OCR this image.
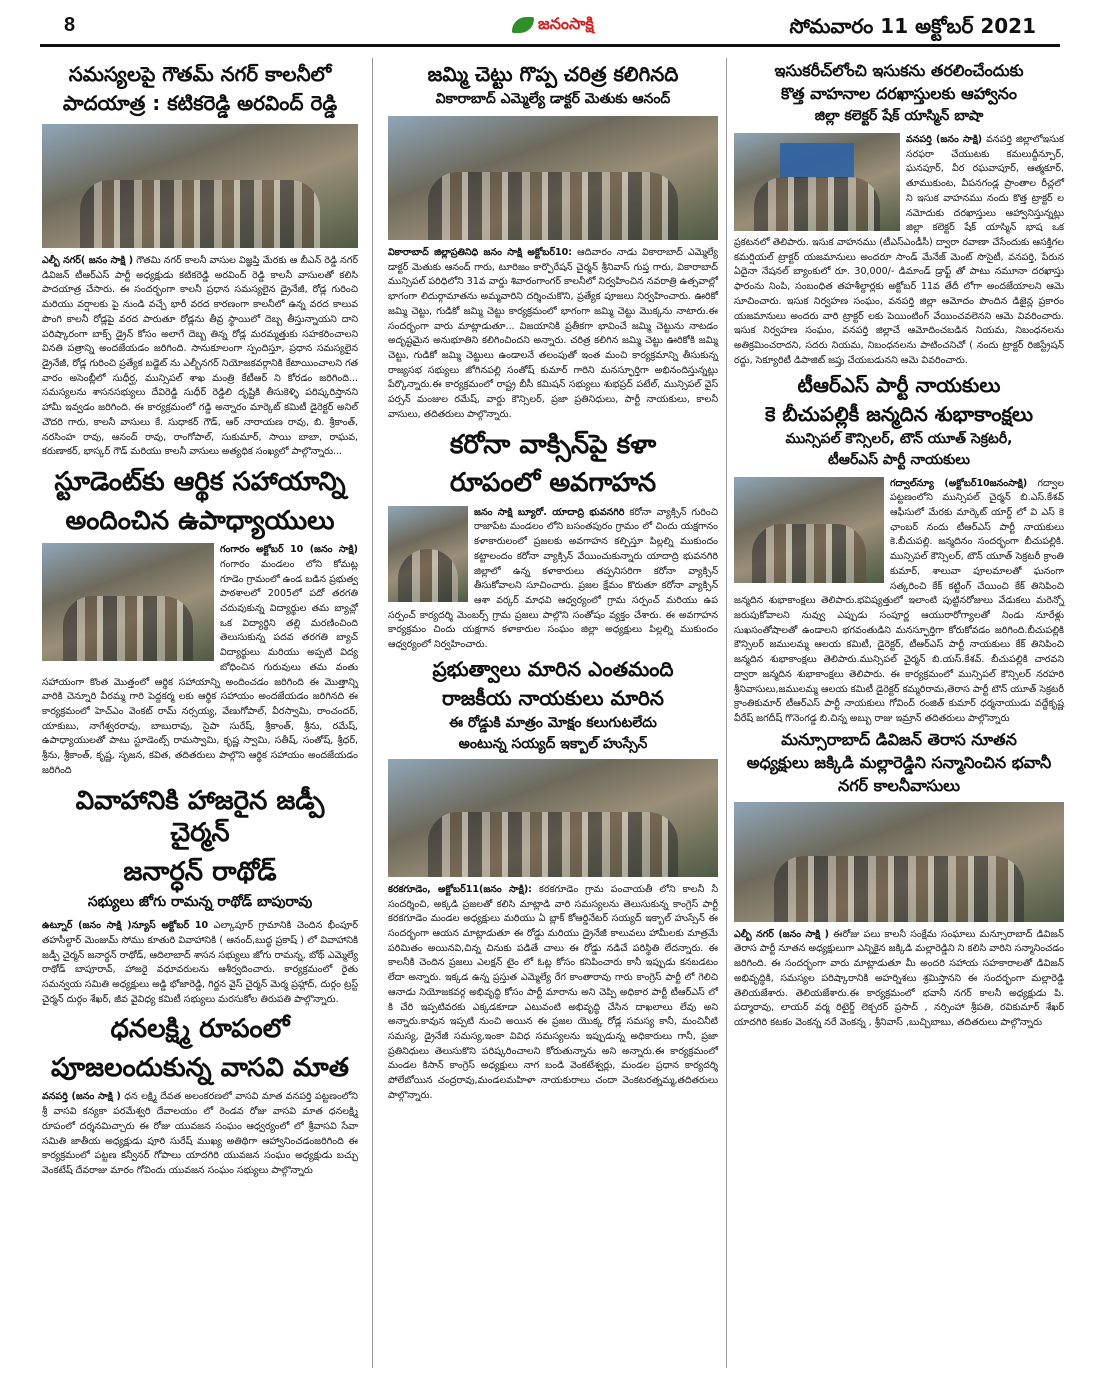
8	జనంసాక్షి	సోమవారం 11 అక్టోబర్ 2021
సమస్యలపై గౌతమ్ నగర్ కాలనీలో
పాదయాత్ర : కటికరెడ్డి అరవింద్ రెడ్డి

ఎల్బీ నగర్( జనం సాక్షి ) గౌతమి నగర్ కాలనీ వాసుల విజ్ఞప్తి మేరకు ఆ బీఎన్ రెడ్డి నగర్ డివిజన్ టీఆర్ఎస్ పార్టీ అధ్యక్షుడు కటికరెడ్డి అరవింద్ రెడ్డి కాలనీ వాసులతో కలిసి పాదయాత్ర చేసారు. ఈ సందర్భంగా కాలనీ ప్రధాన సమస్యలైన డ్రైనేజీ, రోడ్ల గురించి మరియు వర్షాలకు పై నుండి వచ్చే భారీ వరద కారణంగా కాలనీలో ఉన్న వరద కాలువ పొంగి కాలనీ రోడ్లపై వరద పారుతూ రోడ్లను తీవ్ర స్థాయిలో దెబ్బ తీస్తున్నాయని దాని పరిష్కారంగా బాక్స్ డ్రైన్ కోసం అలాగే దెబ్బ తిన్న రోడ్ల మరమ్మత్తుకు సహకరించాలని వినతి పత్రాన్ని అందజేయడం జరిగింది. సానుకూలంగా స్పందిస్తూ, ప్రధాన సమస్యలైన డ్రైనేజీ, రోడ్ల గురించి ప్రత్యేక బడ్జెట్ ను ఎల్బీనగర్ నియోజకవర్గానికి కేటాయించాలని గత వారం అసెంబ్లీలో సుధీర్ఘ, మున్సిపల్ శాఖ మంత్రి కేటీఆర్ ని కోరడం జరిగింది... సమస్యలను శాసనసభ్యులు దేవిరెడ్డి సుధీర్ రెడ్డిలి దృష్టికి తీసుకెళ్ళి పరిష్కరిస్తానని హామీ ఇవ్వడం జరిగింది. ఈ కార్యక్రమంలో గడ్డి అన్నారం మార్కెట్ కమిటీ డైరెక్టర్ అనిల్ చౌదరి గారు, కాలనీ వాసులు కే. సుధాకర్ గౌడ్, ఆర్ నారాయణ రావు, బి. శ్రీకాంత్, నరసింహ రావు, ఆనంద్ రావు, రాంగోపాల్, సుకుమార్, సాయి బాబా, రాఘవ, కరుణాకర్, భాస్కర్ గౌడ్ మరియు కాలనీ వాసులు అత్యధిక సంఖ్యలో పాల్గొన్నారు...

స్టూడెంట్‌కు ఆర్థిక సహాయాన్ని
అందించిన ఉపాధ్యాయులు

గంగారం అక్టోబర్ 10 (జనం సాక్షి) గంగారం మండలం లోని కోమట్ల గూడెం గ్రామంలో ఉండ బడిన ప్రభుత్వ పాఠశాలలో 2005లో పదో తరగతి చదువుకున్న విద్యార్థుల తమ బ్యాచ్లో ఒక విద్యార్థిని తల్లి మరణించింది తెలుసుకున్న పదవ తరగతి బ్యాచ్ విద్యార్థులు మరియు అప్పటి విద్య బోధించిన గురువులు తమ వంతు సహాయంగా కొంత మొత్తంలో ఆర్థిక సహాయాన్ని అందించడం జరిగింది ఈ మొత్తాన్ని వారికి చెన్నూరి వీరమ్మ గారి పెద్దకర్మ లకు ఆర్థిక సహాయం అందజేయడం జరిగినది ఈ కార్యక్రమంలో హెచ్ఎం వెంకట్ రామ్ నర్సయ్య, వేణుగోపాల్, వీరస్వామి, రాంచందర్, యాకుబు, నాగేశ్వరరావు, బాబురావు, సైపా సురేష్, శ్రీకాంత్, శ్రీను, రమేష్, ఉపాధ్యాయులతో పాటు స్టూడెంట్స్ రామస్వామి, కృష్ణ స్వామి, సతీష్, సంతోష్, శ్రీధర్, శ్రీను, శ్రీకాంత్, కృష్ణ, సృజన, కవిత, తదితరులు పాల్గొని ఆర్థిక సహాయం అందజేయడం జరిగింది

వివాహానికి హాజరైన జడ్పీ చైర్మన్
జనార్ధన్ రాథోడ్
సభ్యులు జోగు రామన్న రాథోడ్ బాపురావు

ఉట్నూర్ (జనం సాక్షి )న్యూస్ అక్టోబర్ 10 ఎల్కాపూర్ గ్రామానికి చెందిన భీంపూర్ తహసీల్దార్ మెంజుమ్ సోము కూతురి వివాహానికి ( ఆనంద్,బుద్ధ ప్రకాష్ ) లో వివాహానికి జడ్పీ చైర్మన్ జనార్ధన్ రాథోడ్, ఆదిలాబాద్ శాసన సభ్యులు జోగు రామన్న, బోథ్ ఎమ్మెల్యే రాథోడ్ బాపూరావ్, హాజరై వధూవరులను ఆశీర్వదించారు. కార్యక్రమంలో రైతు సమన్వయ సమితి అధ్యక్షులు అడ్డి భోజారెడ్డి, గిర్జన వైస్ చైర్మన్ మెర్మ ప్రహ్లాద్, దుర్గం ట్రస్ట్ చైర్మన్ దుర్గం శేఖర్, జీవ వైవిధ్య కమిటీ సభ్యులు మరసుకోల తిరుపతి పాల్గొన్నారు.

ధనలక్ష్మి రూపంలో
పూజలందుకున్న వాసవి మాత

వనపర్తి (జనం సాక్షి ) ధన లక్ష్మి దేవత అలంకరణలో వాసవి మాత వనపర్తి పట్టణంలోని శ్రీ వాసవి కన్యకా పరమేశ్వరి దేవాలయం లో రెండవ రోజు వాసవి మాత ధనలక్ష్మి రూపంలో దర్శనమిచ్చారు ఈ రోజు యువజన సంఘం ఆధ్వర్యంలో లో శ్రీవాసవి సేవా సమితి జాతీయ అధ్యక్షుడు పూరి సురేష్ ముఖ్య అతిథిగా ఆహ్వానించడంజరిగింది ఈ కార్యక్రమంలో పట్టణ కన్వీనర్ గోపాలు యాదగిరి యువజన సంఘం అధ్యక్షుడు బచ్చు వెంకటేష్ దేవరాజు మారం గోవిందు యువజన సంఘం సభ్యులు పాల్గొన్నారు

జమ్మి చెట్టు గొప్ప చరిత్ర కలిగినది
వికారాబాద్ ఎమ్మెల్యే డాక్టర్ మెతుకు ఆనంద్

వికారాబాద్ జిల్లాప్రతినిధి జనం సాక్షి అక్టోబర్10: ఆదివారం నాడు వికారాబాద్ ఎమ్మెల్యే డాక్టర్ మెతుకు ఆనంద్ గారు, టూరిజం కార్పొరేషన్ చైర్మన్ శ్రీనివాస్ గుప్త గారు, వికారాబాద్ మున్సిపల్ పరిధిలోని 31వ వార్డు శివారంగాంగర్ కాలనీలో నిర్వహించిన నవరాత్రి ఉత్సవాల్లో భాగంగా లిదుర్గామాతను అమ్మవారిని దర్శించుకొని, ప్రత్యేక పూజలు నిర్వహించారు. ఊరికో జమ్మి చెట్టు, గుడికో జమ్మి చెట్టు కార్యక్రమంలో భాగంగా జమ్మి చెట్టు మొక్కను నాటారు.ఈ సందర్భంగా వారు మాట్లాడుతూ... విజయానికి ప్రతీకగా భావించే జమ్మి చెట్టును నాటడం అదృష్టమైన అనుభూతిని కలిగించిందని అన్నారు. చరిత్ర కలిగిన జమ్మి చెట్టు ఊరికోకి జమ్మి చెట్టు, గుడికో జమ్మి చెట్టులు ఉండాలనే తలంపుతో ఇంత మంచి కార్యక్రమాన్ని తీసుకున్న రాజ్యసభ సభ్యులు జోగినపల్లి సంతోష్ కుమార్ గారిని మనస్ఫూర్తిగా అభినందిస్తున్నట్లు పేర్కొన్నారు.ఈ కార్యక్రమంలో రాష్ట్ర బీసీ కమిషన్ సభ్యులు శుభప్రద్ పటేల్, మున్సిపల్ వైస్ పర్సన్ మంజుల రమేష్, వార్డు కౌన్సిలర్, ప్రజా ప్రతినిధులు, పార్టీ నాయకులు, కాలనీ వాసులు, తదితరులు పాల్గొన్నారు.

కరోనా వాక్సిన్‌పై కళా
రూపంలో అవగాహన

జనం సాక్షి బ్యూరో. యాదాద్రి భువనగిరి కరోనా వ్యాక్సిన్ గురించి రాజాపేట మండలం లోని బసంతపురం గ్రామం లో చిందు యక్షగానం కళాకారులంలో ప్రజలకు అవగాహన కల్పిస్తూ పిల్లల్ని ముకుందం కట్టాలందం కరోనా వ్యాక్సిన్ వేయించుకున్నారు యాదాద్రి భువనగిరి జిల్లాలో ఉన్న కళాకారులు తప్పనిసరిగా కరోనా వ్యాక్సిన్ తీసుకోవాలని సూచించారు. ప్రజల క్షేమం కొరుతూ కరోనా వ్యాక్సిన్ ఆశా వర్కర్ మాధవి ఆధ్వర్యంలో గ్రామ సర్పంచ్ మరియు ఉప సర్పంచ్ కార్యదర్శి మెంబర్స్ గ్రామ ప్రజలు పాల్గొని సంతోషం వ్యక్తం చేశారు. ఈ అవగాహన కార్యక్రమం చిందు యక్షగాన కళాకారుల సంఘం జిల్లా అధ్యక్షులు పిల్లల్ని ముకుందం ఆధ్వర్యంలో నిర్వహించారు.

ప్రభుత్వాలు మారిన ఎంతమంది
రాజకీయ నాయకులు మారిన
ఈ రోడ్డుకి మాత్రం మోక్షం కలుగుటలేదు
అంటున్న సయ్యద్ ఇక్బాల్ హుస్సేన్

కరకగూడెం, అక్టోబర్11(జనం సాక్షి): కరకగూడెం గ్రామ పంచాయతీ లోని కాలనీ నీ సందర్శించి, అక్కడి ప్రజలతో కలిసి మాట్లాడి వారి సమస్యలను తెలుసుకున్న కాంగ్రెస్ పార్టీ కరకగూడెం మండల అధ్యక్షులు మరియు ఏ బ్లాక్ కోఆర్డినేటర్ సయ్యద్ ఇక్బాల్ హుస్సేన్ ఈ సందర్భంగా ఆయన మాట్లాడుతూ ఈ రోడ్డు మరియు డ్రైనేజీ కాలువలు హామీలకు మాత్రమే పరిమితం అయినవి,చిన్న చినుకు పడితే చాలు ఈ రోడ్డు నడిచే పరిస్థితి లేదన్నారు. ఈ కాలనీకి చెందిన ప్రజలు ఎలక్షన్ టైం లో ఓట్ల కోసం కనిపించారు కానీ ఇప్పుడు కనబడటం లేదా అన్నారు. ఇక్కడ ఉన్న ప్రస్తుత ఎమ్మెల్యే రేగ కాంతారావు గారు కాంగ్రెస్ పార్టీ లో గెలిచి ఆనాడు నియోజకవర్గ అభివృద్ధి కోసం పార్టీ మారాను అని చెప్పి అధికార పార్టీ టీఆర్ఎస్ లో కి చేరి ఇప్పటివరకు ఎక్కడకూడా ఎటువంటి అభివృద్ధి చేసిన దాఖలాలు లేవు అని అన్నారు.కావున ఇప్పటి నుంచి అయిన ఈ ప్రజల యొక్క రోడ్ల సమస్య కానీ, మంచినీటి సమస్య, డ్రైనేజీ సమస్య,ఇంకా వివిధ సమస్యలను ఇప్పుడున్న అధికారులు గానీ, ప్రజా ప్రతినిధులు తెలుసుకొని పరిష్కరించాలని కోరుతున్నాను అని అన్నారు.ఈ కార్యక్రమంలో మండల కిసాన్ కాంగ్రెస్ అధ్యక్షులు నాగ బండి వెంకటేశ్వర్లు, మండల ప్రధాన కార్యదర్శి పోలేబోయిన చంద్రరావు,మండలమహిళా నాయకురాలు చందా వెంకటరత్నమ్మ,తదితరులు పాల్గొన్నారు.

ఇసుకరీచ్‌లోంచి ఇసుకను తరలించేందుకు
కొత్త వాహనాల దరఖాస్తులకు ఆహ్వానం
జిల్లా కలెక్టర్ షేక్ యాస్మిన్ బాషా

వనపర్తి (జనం సాక్షి) వనపర్తి జిల్లాలోఇసుక సరఫరా చేయుటకు కమలుద్దీన్పూర్, ఘనపూర్, వీర రఘవాపూర్, ఆత్మకూర్, తూముకుంట, వీపనగండ్ల ప్రాంతాల రీచ్లలో ని ఇసుక వాహనము నందు కొత్త ట్రాక్టర్ ల నమోదుకు దరఖాస్తులు ఆహ్వానిస్తున్నట్లు జిల్లా కలెక్టర్ షేక్ యాస్మిన్ భాష ఒక ప్రకటనలో తెలిపారు. ఇసుక వాహనము (టీఎస్ఎండీసీ) ద్వారా రవాణా చేసేందుకు ఆసక్తిగల కమర్షియల్ ట్రాక్టర్ యజమానులు అందరూ సాండ్ మేనేజ్ మెంట్ సొసైటీ, వనపర్తి, పేరున ఏదైనా నేషనల్ బ్యాంకులో రూ. 30,000/- డిమాండ్ డ్రాఫ్ట్ తో పాటు నమూనా దరఖాస్తు ఫారంను నింపి, సంబంధిత తహశీల్దార్లకు అక్టోబర్ 11వ తేదీ లోగా అందజేయాలని ఆమె సూచించారు. ఇసుక నిర్వహణ సంఘం, వనపర్తి జిల్లా ఆమోదం పొందిన డిజైన్ల ప్రకారం యజమానులు అందరు వారి ట్రాక్టర్ లకు పెయింటింగ్ వేయించవలెనని ఆమె వివరించారు. ఇసుక నిర్వహణ సంఘం, వనపర్తి జిల్లాచే ఆమోదించబడిన నియమ, నిబంధనలను అతిక్రమించరాదని, సదరు నియమ, నిబంధనలను పాటించనిచో ( నందు ట్రాక్టర్ రిజిస్ట్రేషన్ రద్దు, సెక్యూరిటీ డిపాజిట్ జప్తు చేయబడునని ఆమె వివరించారు.

టీఆర్ఎస్ పార్టీ నాయకులు
కె బీచుపల్లికీ జన్మదిన శుభాకాంక్షలు
మున్సిపల్ కౌన్సిలర్, టౌన్ యూత్ సెక్రటరీ,
టీఆర్ఎస్ పార్టీ నాయకులు

గద్వాల్‌న్యూ (అక్టోబర్10జనంసాక్షి) గద్వాల పట్టణంలోని మున్సిపల్ చైర్మన్ బి.ఎస్.కేశవ్ ఆఫీసులో మేరకు మార్కెట్ యార్డ్ లో వి ఎస్ కె ఛాంబర్ నందు టీఆర్ఎస్ పార్టీ నాయకులు కె.బీచుపల్లి. జన్మదినం సందర్భంగా బీచుపల్లికి. మున్సిపల్ కౌన్సిలర్, టౌన్ యూత్ సెక్రటరీ క్రాంతి కుమార్, శాలువా పూలమాలతో ఘనంగా సత్కరించి కేక్ కట్టింగ్ చేయించి కేక్ తినిపించి జన్మదిన శుభాకాంక్షలు తెలిపారు.భవిష్యత్తులో ఇలాంటి పుట్టినరోజులు వేడుకలు మరెన్నో జరుపుకోవాలని నువ్వు ఎప్పుడు సంపూర్ణ ఆయురారోగ్యాలతో నిండు నూరేళ్లు సుఖసంతోషాలతో ఉండాలని భగవంతుడిని మనస్ఫూర్తిగా కోరుకోవడం జరిగింది.బీచుపల్లికి కౌన్సిలర్ జములమ్మ ఆలయ కమిటీ, డైరెక్టర్, టీఆర్ఎస్ పార్టీ నాయకులు కేక్ తినిపించి జన్మదిన శుభాకాంక్షలు తెలిపారు.మున్సిపల్ చైర్మన్ బి.యస్.కేశవ్. బీచుపల్లికి చారవని ద్వారా జన్మదిన శుభాకాంక్షలు తెలిపారు. ఈ కార్యక్రమంలో మున్సిపల్ కౌన్సిలర్ నరహరి శ్రీనివాసులు,జములమ్మ ఆలయ కమిటీ డైరెక్టర్ కమ్మరిరామ,తెరాస పార్టీ టౌన్ యూత్ సెక్రటరీ క్రాంతికుమార్ టీఆర్ఎస్ పార్టీ నాయకులు గోవింద్ రంజిత్ కుమార్ ధర్మనాయుడు వద్దేకృష్ణ వీరేష్ జగదీష్ గొనెంగడ్డ బి.చిన్న అబ్బు రాజు ఇమ్రాన్ తదితరులు పాల్గొన్నారు

మన్సూరాబాద్ డివిజన్ తెరాస నూతన
అధ్యక్షులు జక్కిడి మల్లారెడ్డిని సన్మానించిన భవానీ
నగర్ కాలనీవాసులు

ఎల్బీ నగర్ (జనం సాక్షి ) ఈరోజు పలు కాలనీ సంక్షేమ సంఘాలు మన్సూరాబాద్ డివిజన్ తెరాస పార్టీ నూతన అధ్యక్షులుగా ఎన్నికైన జక్కిడి మల్లారెడ్డిని ని కలిసి వారిని సన్మానించడం జరిగింది. ఈ సందర్భంగా వారు మాట్లాడుతూ మీ అందరి సహాయ సహకారాలతో డివిజన్ అభివృద్ధికి, సమస్యల పరిష్కారానికి అహర్నిశలు శ్రమిస్తానని ఈ సందర్భంగా మల్లారెడ్డి తెలియజేశారు. తెలియజేశారు.ఈ కార్యక్రమంలో భవానీ నగర్ కాలనీ అధ్యక్షుడు పి. పద్మారావు, లాయర్ వర్మ రిటైర్డ్ లెక్చరర్ ప్రసాద్ , నర్సింహా శ్రీపతి, రవికుమార్ శేఖర్ యాదగిరి కటకం వెంకన్న నరే వెంకన్న , శ్రీనివాస్ ,బుచ్చిబాబు, తదితరులు పాల్గొన్నారు
